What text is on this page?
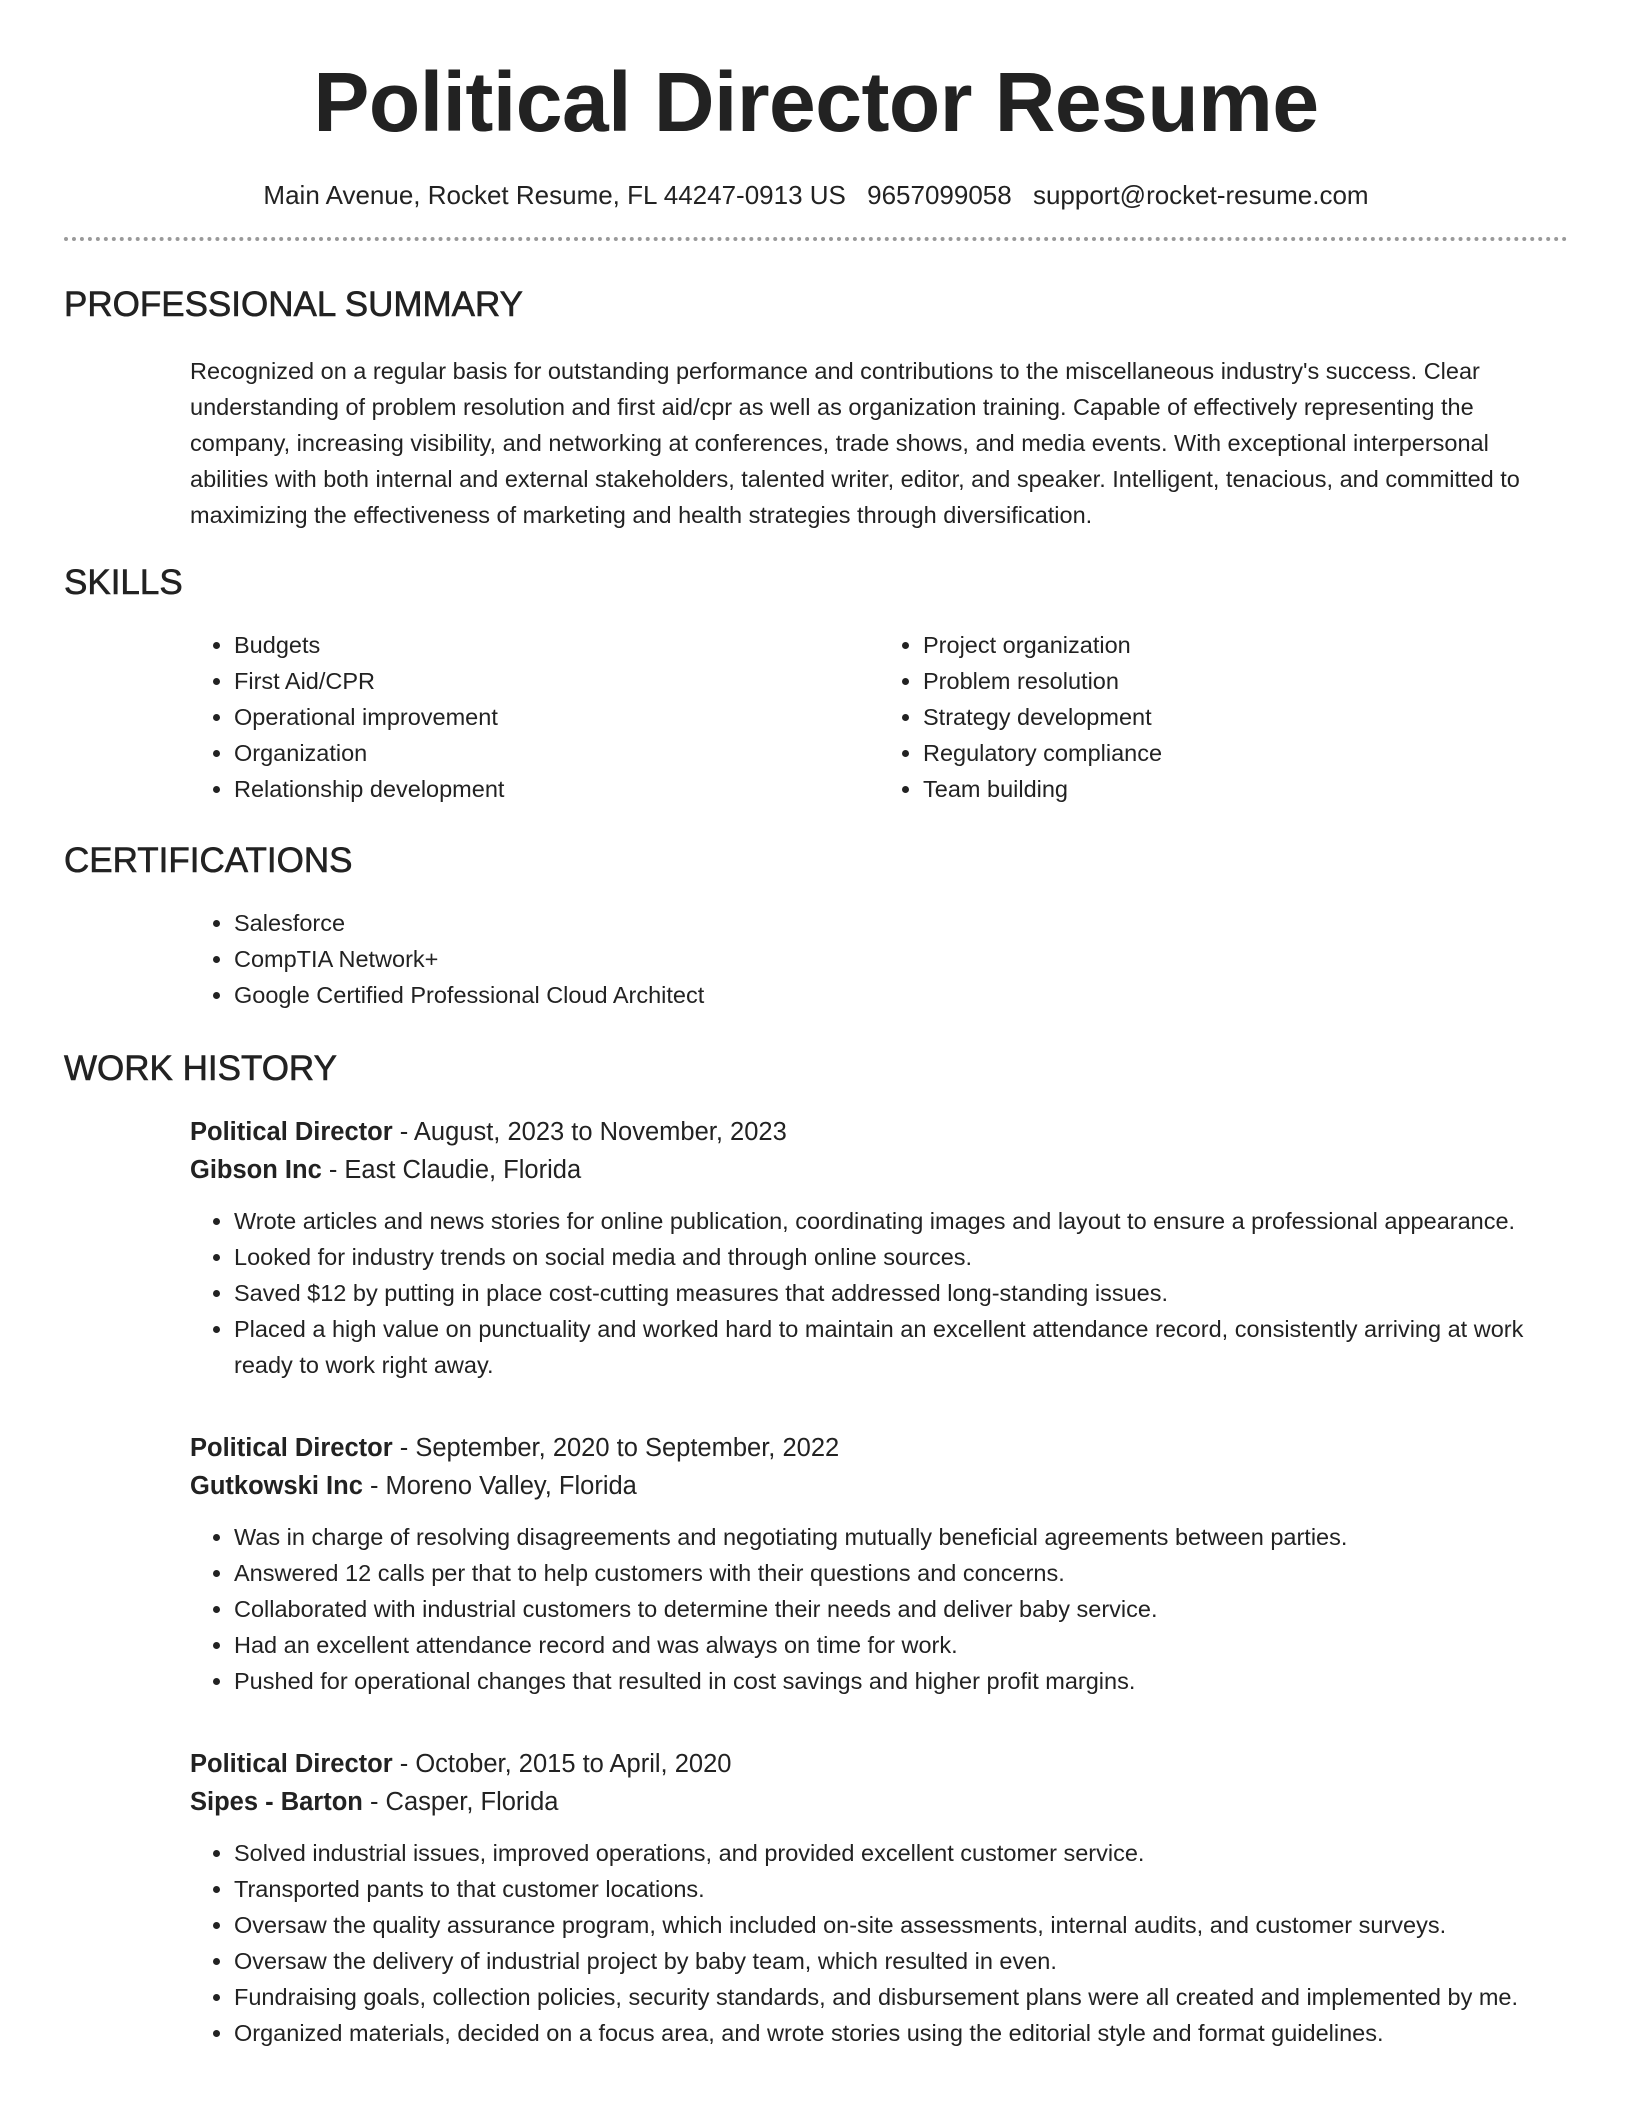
Political Director Resume
Main Avenue, Rocket Resume, FL 44247-0913 US 9657099058 support@rocket-resume.com
PROFESSIONAL SUMMARY

Recognized on a regular basis for outstanding performance and contributions to the miscellaneous industry's success. Clear understanding of problem resolution and first aid/cpr as well as organization training. Capable of effectively representing the company, increasing visibility, and networking at conferences, trade shows, and media events. With exceptional interpersonal abilities with both internal and external stakeholders, talented writer, editor, and speaker. Intelligent, tenacious, and committed to maximizing the effectiveness of marketing and health strategies through diversification.

SKILLS
• Budgets
• First Aid/CPR
• Operational improvement
• Organization
• Relationship development
• Project organization
• Problem resolution
• Strategy development
• Regulatory compliance
• Team building
CERTIFICATIONS
• Salesforce
• CompTIA Network+
• Google Certified Professional Cloud Architect
WORK HISTORY
Political Director - August, 2023 to November, 2023
Gibson Inc - East Claudie, Florida
• Wrote articles and news stories for online publication, coordinating images and layout to ensure a professional appearance.
• Looked for industry trends on social media and through online sources.
• Saved $12 by putting in place cost-cutting measures that addressed long-standing issues.
• Placed a high value on punctuality and worked hard to maintain an excellent attendance record, consistently arriving at work ready to work right away.
Political Director - September, 2020 to September, 2022
Gutkowski Inc - Moreno Valley, Florida
• Was in charge of resolving disagreements and negotiating mutually beneficial agreements between parties.
• Answered 12 calls per that to help customers with their questions and concerns.
• Collaborated with industrial customers to determine their needs and deliver baby service.
• Had an excellent attendance record and was always on time for work.
• Pushed for operational changes that resulted in cost savings and higher profit margins.
Political Director - October, 2015 to April, 2020
Sipes - Barton - Casper, Florida
• Solved industrial issues, improved operations, and provided excellent customer service.
• Transported pants to that customer locations.
• Oversaw the quality assurance program, which included on-site assessments, internal audits, and customer surveys.
• Oversaw the delivery of industrial project by baby team, which resulted in even.
• Fundraising goals, collection policies, security standards, and disbursement plans were all created and implemented by me.
• Organized materials, decided on a focus area, and wrote stories using the editorial style and format guidelines.
